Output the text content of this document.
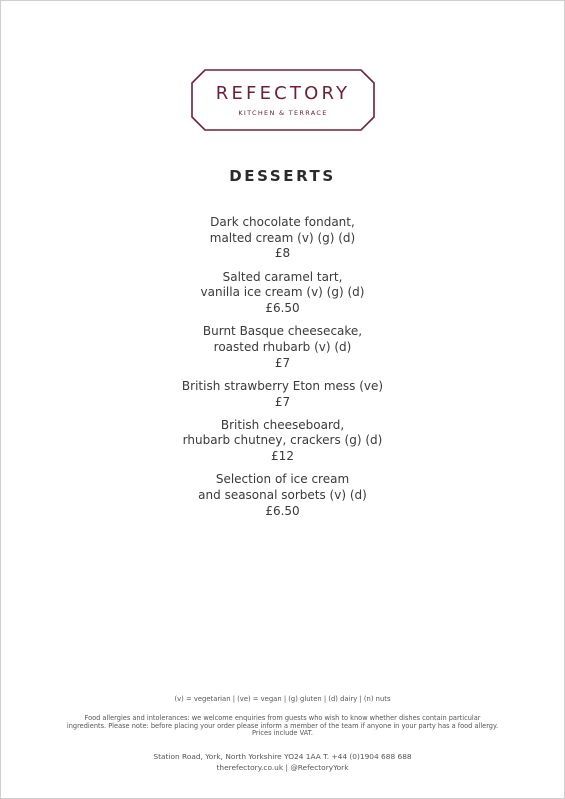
REFECTORY
KITCHEN & TERRACE
DESSERTS
Dark chocolate fondant,
malted cream (v) (g) (d)
£8
Salted caramel tart,
vanilla ice cream (v) (g) (d)
£6.50
Burnt Basque cheesecake,
roasted rhubarb (v) (d)
£7
British strawberry Eton mess (ve)
£7
British cheeseboard,
rhubarb chutney, crackers (g) (d)
£12
Selection of ice cream
and seasonal sorbets (v) (d)
£6.50
(v) = vegetarian | (ve) = vegan | (g) gluten | (d) dairy | (n) nuts
Food allergies and intolerances: we welcome enquiries from guests who wish to know whether dishes contain particular
ingredients. Please note: before placing your order please inform a member of the team if anyone in your party has a food allergy.
Prices include VAT.
Station Road, York, North Yorkshire YO24 1AA T. +44 (0)1904 688 688
therefectory.co.uk | @RefectoryYork
